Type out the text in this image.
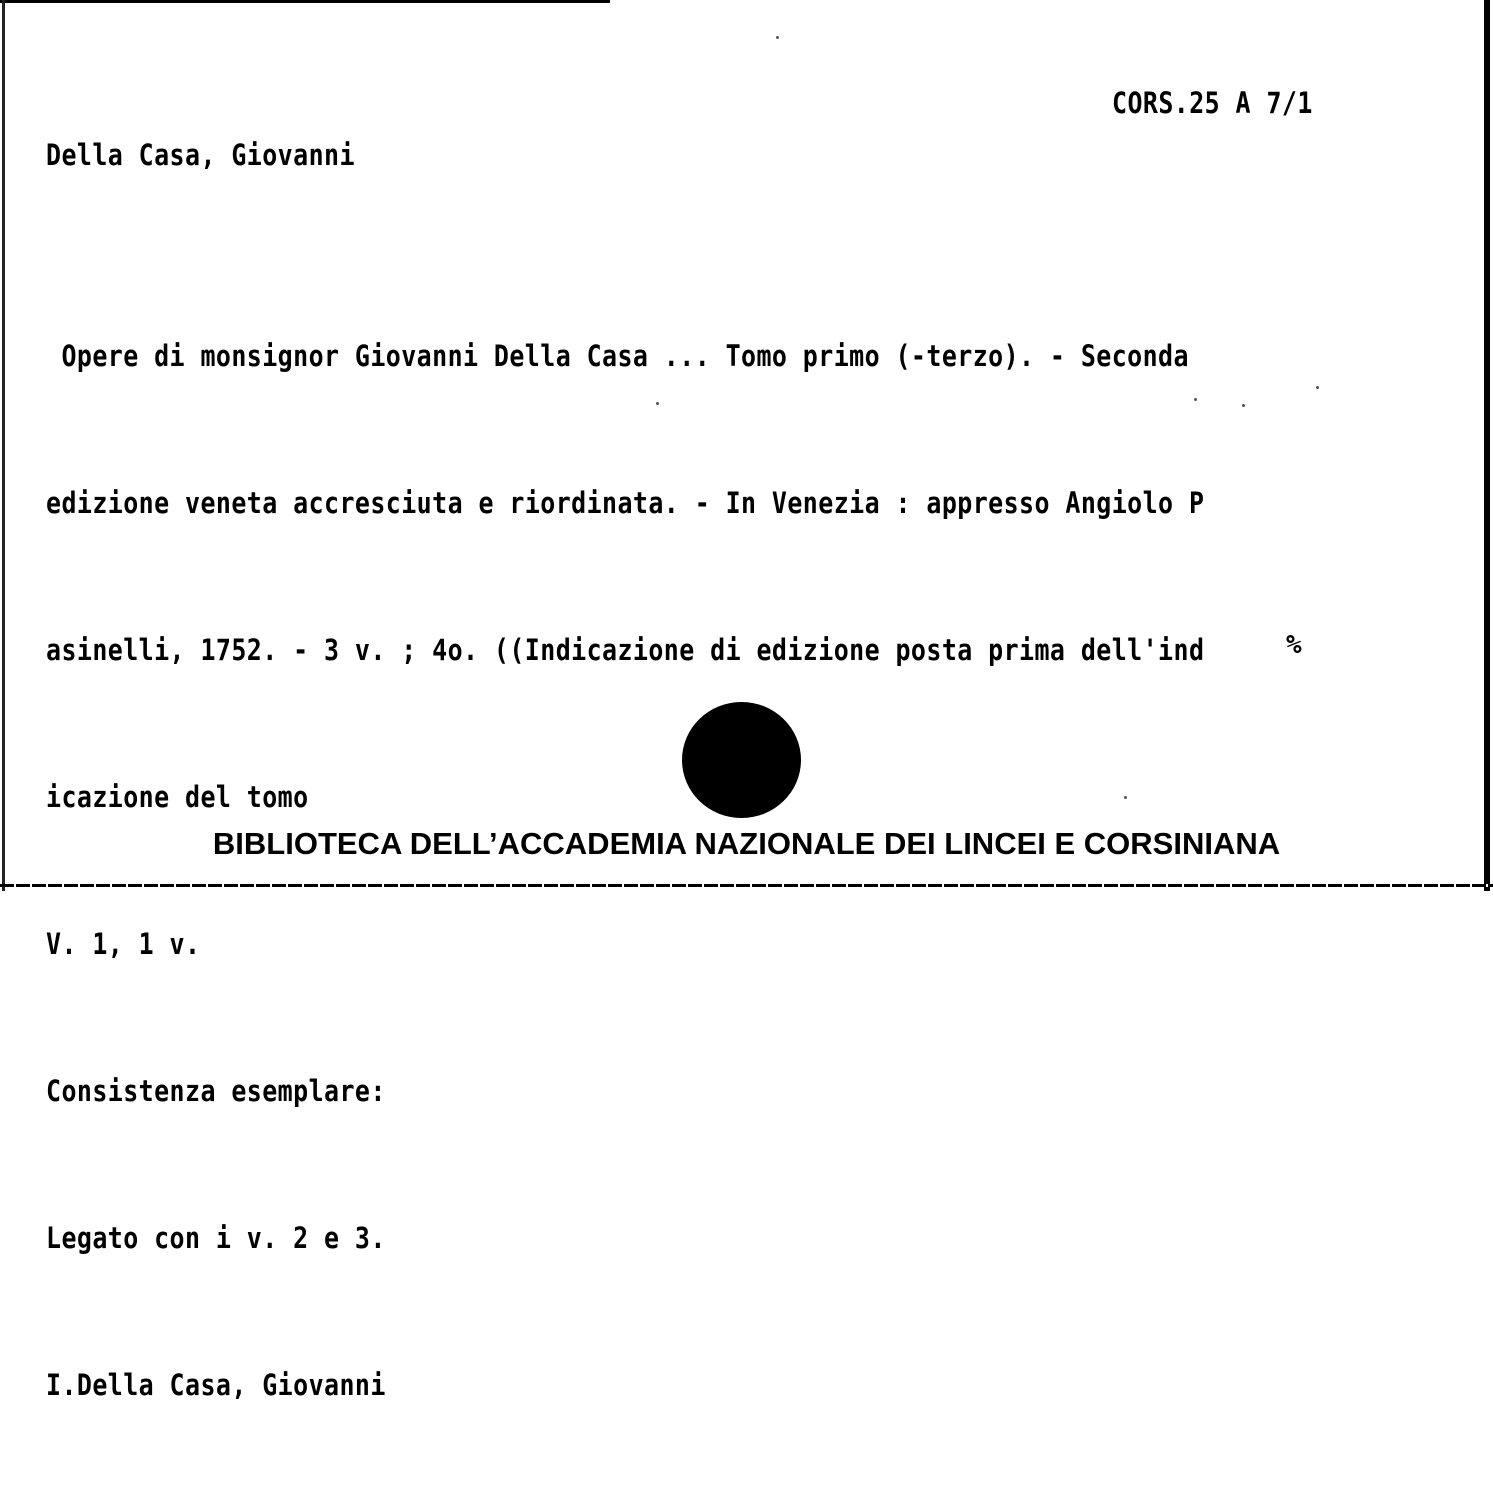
CORS.25 A 7/1
Della Casa, Giovanni

Opere di monsignor Giovanni Della Casa ... Tomo primo (-terzo). - Seconda

edizione veneta accresciuta e riordinata. - In Venezia : appresso Angiolo P

asinelli, 1752. - 3 v. ; 4o. ((Indicazione di edizione posta prima dell'ind

icazione del tomo

V. 1, 1 v.

Consistenza esemplare:

Legato con i v. 2 e 3.

I.Della Casa, Giovanni

%
BIBLIOTECA DELL’ACCADEMIA NAZIONALE DEI LINCEI E CORSINIANA
